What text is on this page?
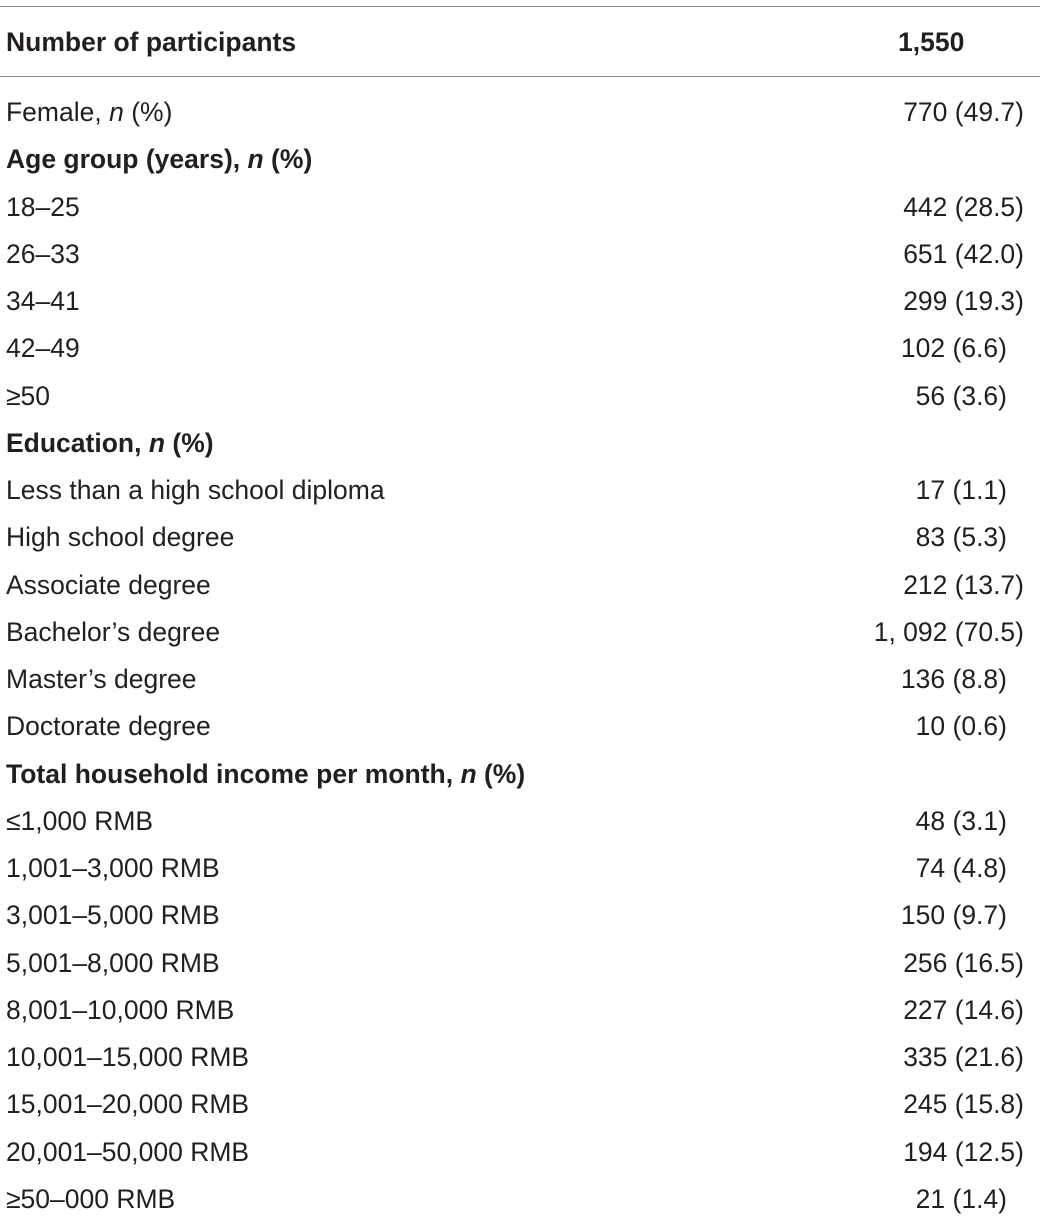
Number of participants	1,550
Female, n (%)	770 (49.7)
Age group (years), n (%)
18–25	442 (28.5)
26–33	651 (42.0)
34–41	299 (19.3)
42–49	102 (6.6)
≥50	56 (3.6)
Education, n (%)
Less than a high school diploma	17 (1.1)
High school degree	83 (5.3)
Associate degree	212 (13.7)
Bachelor’s degree	1, 092 (70.5)
Master’s degree	136 (8.8)
Doctorate degree	10 (0.6)
Total household income per month, n (%)
≤1,000 RMB	48 (3.1)
1,001–3,000 RMB	74 (4.8)
3,001–5,000 RMB	150 (9.7)
5,001–8,000 RMB	256 (16.5)
8,001–10,000 RMB	227 (14.6)
10,001–15,000 RMB	335 (21.6)
15,001–20,000 RMB	245 (15.8)
20,001–50,000 RMB	194 (12.5)
≥50–000 RMB	21 (1.4)
